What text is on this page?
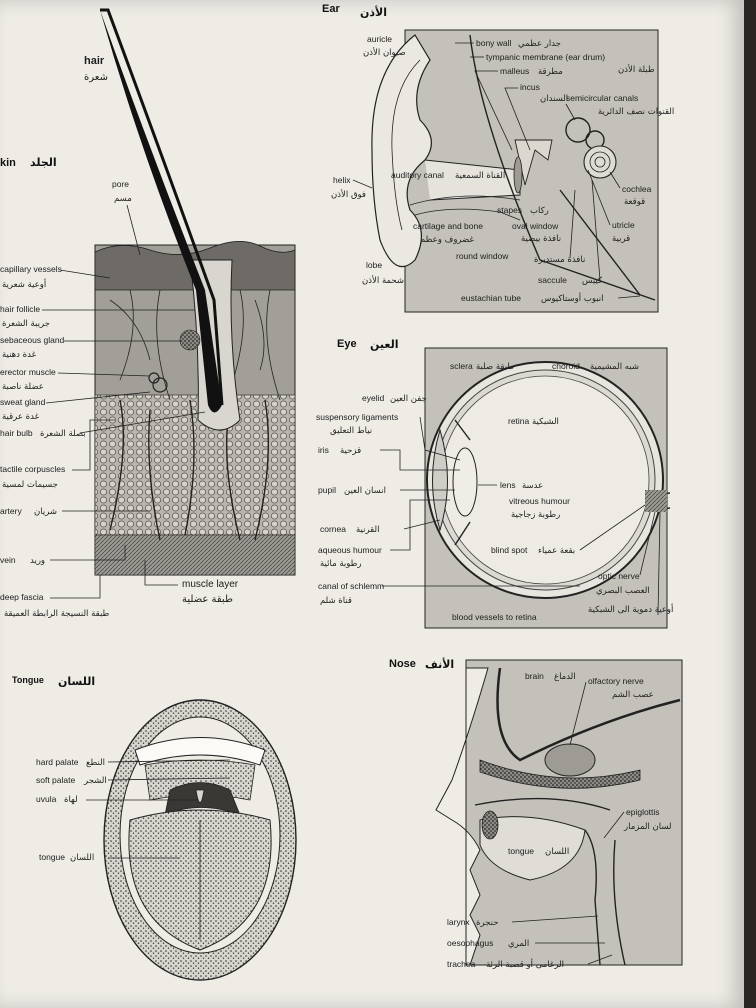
الجلد
kin
hair
شعرة
pore
مسم
capillary vessels
أوعية شعرية
hair follicle
جريبة الشعرة
sebaceous gland
غدة دهنية
erector muscle
عضلة ناصبة
sweat gland
غدة عرقية
hair bulb بصلة الشعرة
tactile corpuscles
جسيمات لمسية
artery شريان
vein وريد
deep fascia
طبقة النسيجة الرابطة العميقة
muscle layer
طبقة عضلية
Ear الأذن
auricle
صيوان الأذن
bony wall جدار عظمي
tympanic membrane (ear drum)
طبلة الأذن
malleus مطرقة
incus
السندان
semicircular canals
القنوات نصف الدائرية
auditory canal القناة السمعية
helix
فوق الأذن
cochlea
قوقعة
stapes ركاب
cartilage and bone
غضروف وعظم
oval window
نافذة بيضية
utricle
قربية
round window	نافذة مستديرة
lobe
شحمة الأذن	saccule كييس
eustachian tube انبوب أوستاكيوس
Eye العين
sclera طبقة صلبة	choroid شبه المشيمية
eyelid جفن العين
suspensory ligaments
نياط التعليق
retina الشبكية
iris قزحية
lens عدسة
pupil انسان العين
vitreous humour
رطوبة زجاجية
cornea القرنية
aqueous humour
رطوبة مائية
blind spot بقعة عمياء
optic nerve
العصب البصري
canal of schlemm
قناة شلم
blood vessels to retina
أوعية دموية الى الشبكية
Tongue اللسان
hard palate النطع
soft palate الشجر
uvula لهاة
tongue اللسان
Nose الأنف
brain الدماغ olfactory nerve
عصب الشم
epiglottis
لسان المزمار
tongue اللسان
larynx حنجرة
oesophagus المري
trachea الرغامى أو قصبة الرئة
